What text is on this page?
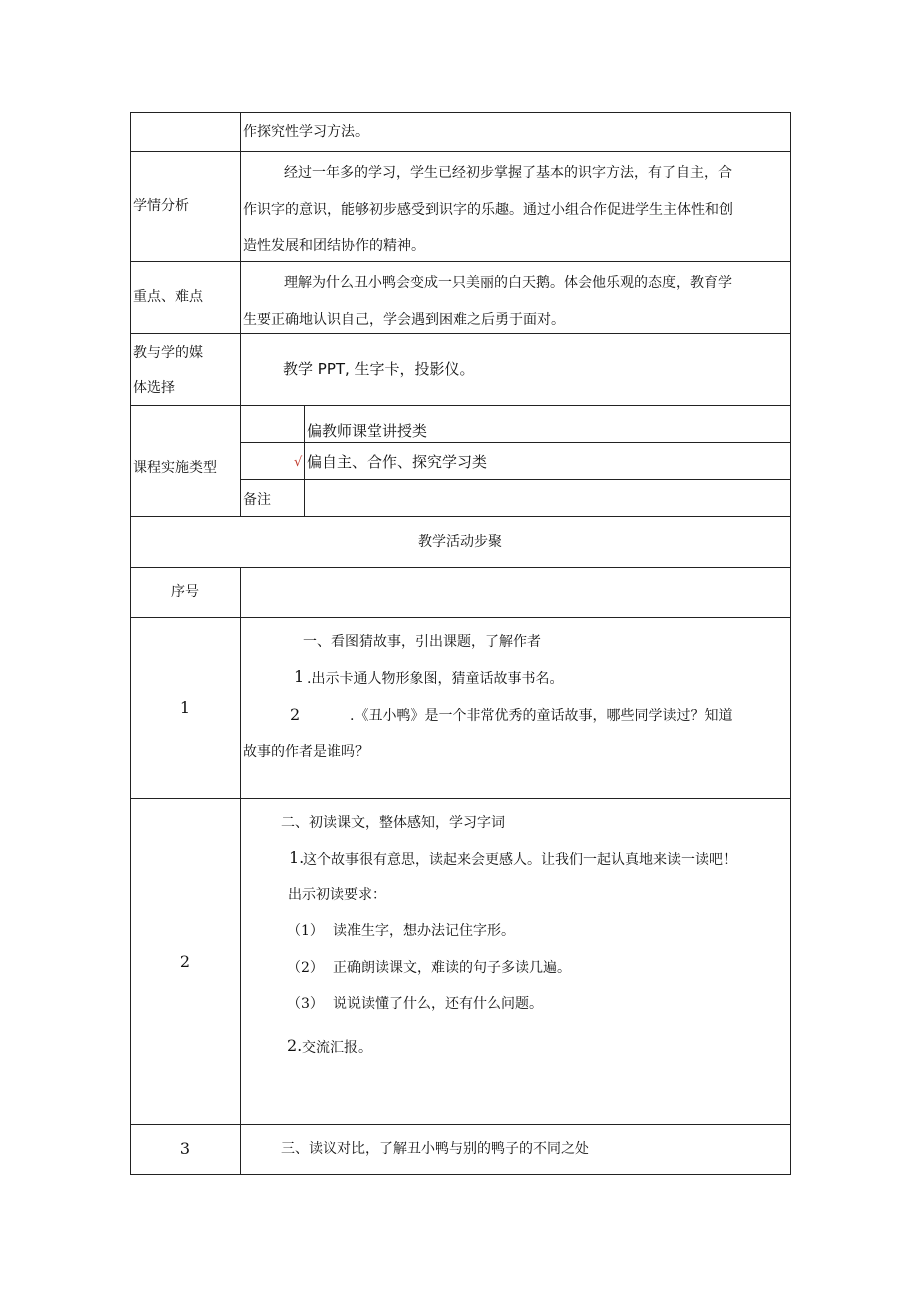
作探究性学习方法。
学情分析
经过一年多的学习，学生已经初步掌握了基本的识字方法，有了自主，合
作识字的意识，能够初步感受到识字的乐趣。通过小组合作促进学生主体性和创
造性发展和团结协作的精神。
重点、难点
理解为什么丑小鸭会变成一只美丽的白天鹅。体会他乐观的态度，教育学
生要正确地认识自己，学会遇到困难之后勇于面对。
教与学的媒
体选择
教学 PPT, 生字卡，投影仪。
课程实施类型
偏教师课堂讲授类
√ 偏自主、合作、探究学习类
备注
教学活动步聚
序号
1
一、看图猜故事，引出课题，了解作者
1 .出示卡通人物形象图，猜童话故事书名。
2	.《丑小鸭》是一个非常优秀的童话故事，哪些同学读过？知道
故事的作者是谁吗？
2
二、初读课文，整体感知，学习字词
1.
这个故事很有意思，读起来会更感人。让我们一起认真地来读一读吧！
出示初读要求：
（1） 读准生字，想办法记住字形。
（2） 正确朗读课文，难读的句子多读几遍。
（3） 说说读懂了什么，还有什么问题。
2. 交流汇报。
3	三、读议对比，了解丑小鸭与别的鸭子的不同之处
